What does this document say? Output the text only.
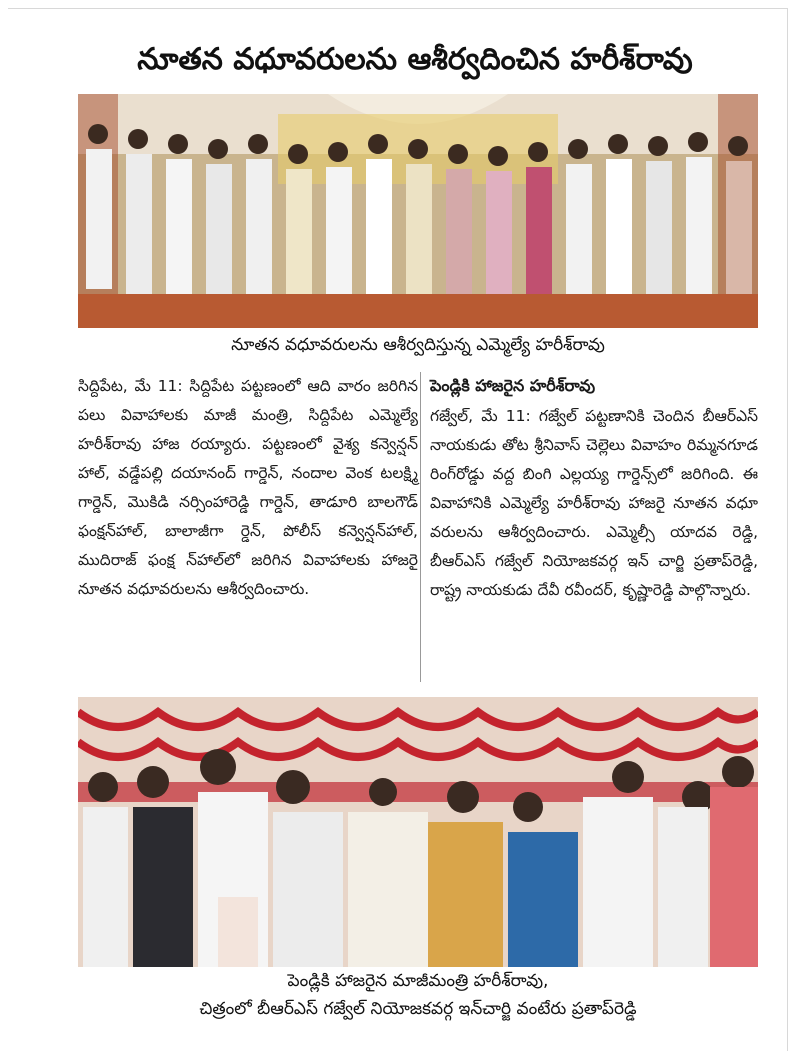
నూతన వధూవరులను ఆశీర్వదించిన హరీశ్‌రావు
నూతన వధూవరులను ఆశీర్వదిస్తున్న ఎమ్మెల్యే హరీశ్‌రావు
సిద్దిపేట, మే 11: సిద్దిపేట పట్టణంలో ఆది వారం జరిగిన పలు వివాహాలకు మాజీ మంత్రి, సిద్దిపేట ఎమ్మెల్యే హరీశ్‌రావు హాజ రయ్యారు. పట్టణంలో వైశ్య కన్వెన్షన్ హాల్, వడ్డేపల్లి దయానంద్ గార్డెన్, నందాల వెంక టలక్ష్మి గార్డెన్, మొకిడి నర్సింహారెడ్డి గార్డెన్, తాడూరి బాలగౌడ్ ఫంక్షన్‌హాల్, బాలాజీగా ర్డెన్, పోలీస్ కన్వెన్షన్‌హాల్, ముదిరాజ్ ఫంక్ష న్‌హాల్‌లో జరిగిన వివాహాలకు హాజరై నూతన వధూవరులను ఆశీర్వదించారు.
పెండ్లికి హాజరైన హరీశ్‌రావు
గజ్వేల్, మే 11: గజ్వేల్ పట్టణానికి చెందిన బీఆర్‌ఎస్ నాయకుడు తోట శ్రీనివాస్ చెల్లెలు వివాహం రిమ్మనగూడ రింగ్‌రోడ్డు వద్ద బింగి ఎల్లయ్య గార్డెన్స్‌లో జరిగింది. ఈ వివాహానికి ఎమ్మెల్యే హరీశ్‌రావు హాజరై నూతన వధూ వరులను ఆశీర్వదించారు. ఎమ్మెల్సీ యాదవ రెడ్డి, బీఆర్‌ఎస్ గజ్వేల్ నియోజకవర్గ ఇన్ చార్జి ప్రతాప్‌రెడ్డి, రాష్ట్ర నాయకుడు దేవీ రవీందర్, కృష్ణారెడ్డి పాల్గొన్నారు.
పెండ్లికి హాజరైన మాజీమంత్రి హరీశ్‌రావు,
చిత్రంలో బీఆర్‌ఎస్ గజ్వేల్ నియోజకవర్గ ఇన్‌చార్జి వంటేరు ప్రతాప్‌రెడ్డి
